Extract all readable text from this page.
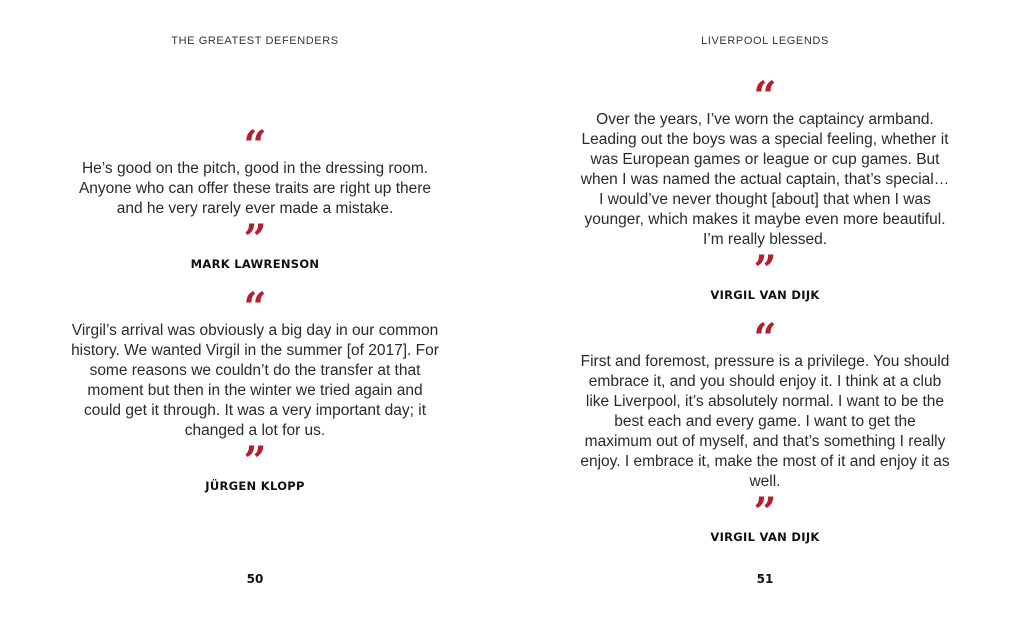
THE GREATEST DEFENDERS
“
He’s good on the pitch, good in the dressing room. Anyone who can offer these traits are right up there and he very rarely ever made a mistake.
”
MARK LAWRENSON
“
Virgil’s arrival was obviously a big day in our common history. We wanted Virgil in the summer [of 2017]. For some reasons we couldn’t do the transfer at that moment but then in the winter we tried again and could get it through. It was a very important day; it changed a lot for us.
”
JÜRGEN KLOPP
50
LIVERPOOL LEGENDS
“
Over the years, I’ve worn the captaincy armband. Leading out the boys was a special feeling, whether it was European games or league or cup games. But when I was named the actual captain, that’s special… I would’ve never thought [about] that when I was younger, which makes it maybe even more beautiful. I’m really blessed.
”
VIRGIL VAN DIJK
“
First and foremost, pressure is a privilege. You should embrace it, and you should enjoy it. I think at a club like Liverpool, it’s absolutely normal. I want to be the best each and every game. I want to get the maximum out of myself, and that’s something I really enjoy. I embrace it, make the most of it and enjoy it as well.
”
VIRGIL VAN DIJK
51
